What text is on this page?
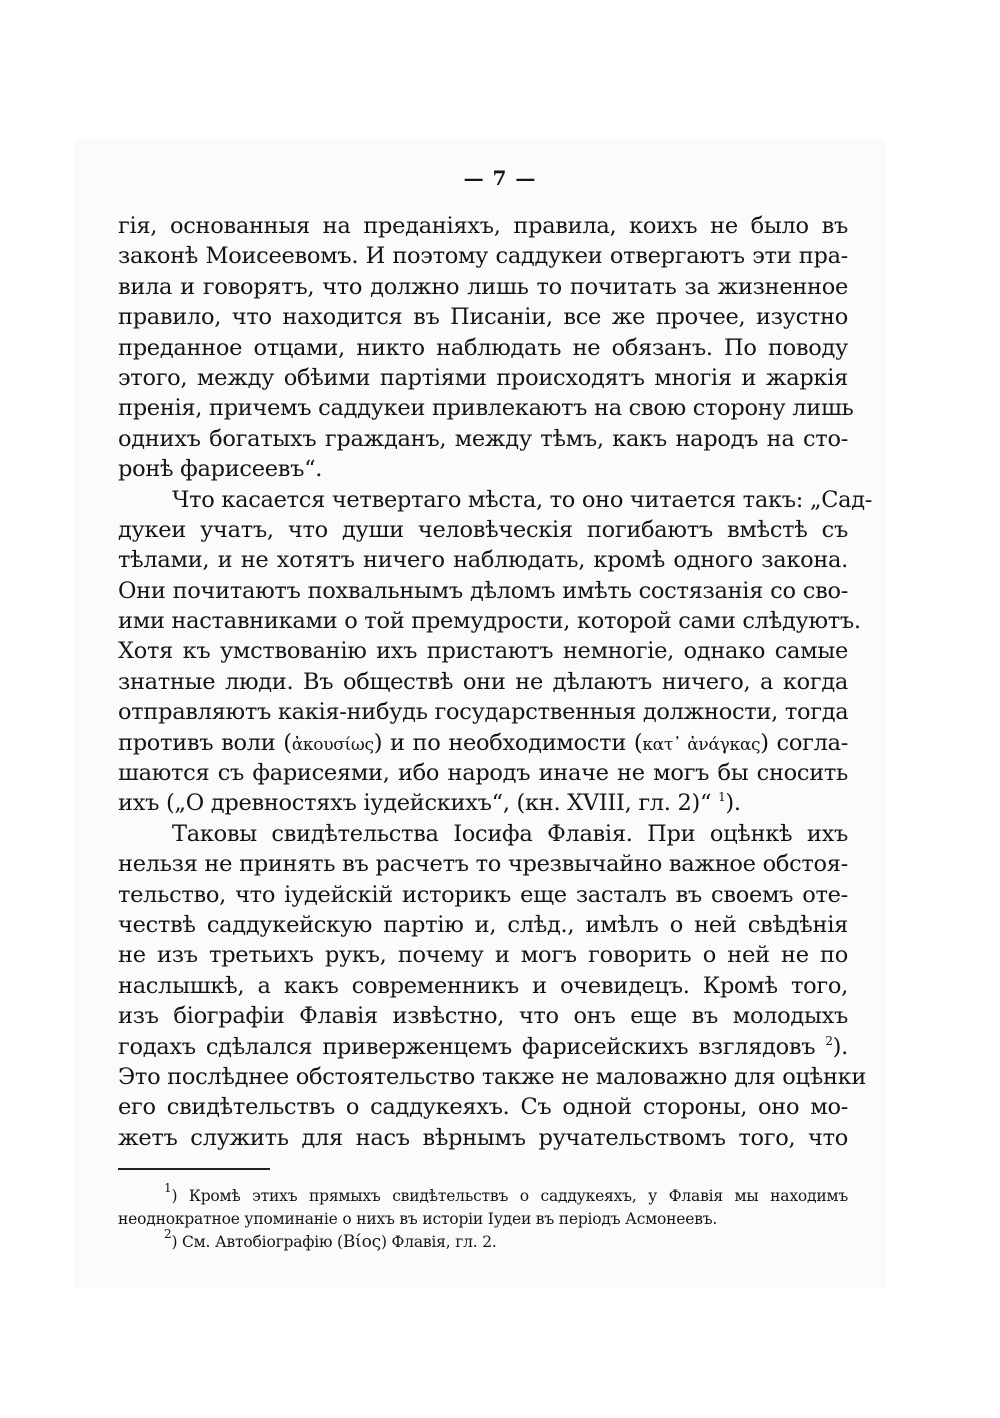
— 7 —
гія, основанныя на преданіяхъ, правила, коихъ не было въ
законѣ Моисеевомъ. И поэтому саддукеи отвергаютъ эти пра-
вила и говорятъ, что должно лишь то почитать за жизненное
правило, что находится въ Писаніи, все же прочее, изустно
преданное отцами, никто наблюдать не обязанъ. По поводу
этого, между обѣими партіями происходятъ многія и жаркія
пренія, причемъ саддукеи привлекаютъ на свою сторону лишь
однихъ богатыхъ гражданъ, между тѣмъ, какъ народъ на сто-
ронѣ фарисеевъ“.
Что касается четвертаго мѣста, то оно читается такъ: „Сад-
дукеи учатъ, что души человѣческія погибаютъ вмѣстѣ съ
тѣлами, и не хотятъ ничего наблюдать, кромѣ одного закона.
Они почитаютъ похвальнымъ дѣломъ имѣть состязанія со сво-
ими наставниками о той премудрости, которой сами слѣдуютъ.
Хотя къ умствованію ихъ пристаютъ немногіе, однако самые
знатные люди. Въ обществѣ они не дѣлаютъ ничего, а когда
отправляютъ какія-нибудь государственныя должности, тогда
противъ воли (ἀκουσίως) и по необходимости (κατ᾽ ἀνάγκας) согла-
шаются съ фарисеями, ибо народъ иначе не могъ бы сносить
ихъ („О древностяхъ іудейскихъ“, (кн. XVIII, гл. 2)“ $^1$).
Таковы свидѣтельства Іосифа Флавія. При оцѣнкѣ ихъ
нельзя не принять въ расчетъ то чрезвычайно важное обстоя-
тельство, что іудейскій историкъ еще засталъ въ своемъ оте-
чествѣ саддукейскую партію и, слѣд., имѣлъ о ней свѣдѣнія
не изъ третьихъ рукъ, почему и могъ говорить о ней не по
наслышкѣ, а какъ современникъ и очевидецъ. Кромѣ того,
изъ біографіи Флавія извѣстно, что онъ еще въ молодыхъ
годахъ сдѣлался приверженцемъ фарисейскихъ взглядовъ $^2$).
Это послѣднее обстоятельство также не маловажно для оцѣнки
его свидѣтельствъ о саддукеяхъ. Съ одной стороны, оно мо-
жетъ служить для насъ вѣрнымъ ручательствомъ того, что
$^1$) Кромѣ этихъ прямыхъ свидѣтельствъ о саддукеяхъ, у Флавія мы находимъ
неоднократное упоминаніе о нихъ въ исторіи Іудеи въ періодъ Асмонеевъ.
$^2$) См. Автобіографію (Βίος) Флавія, гл. 2.
